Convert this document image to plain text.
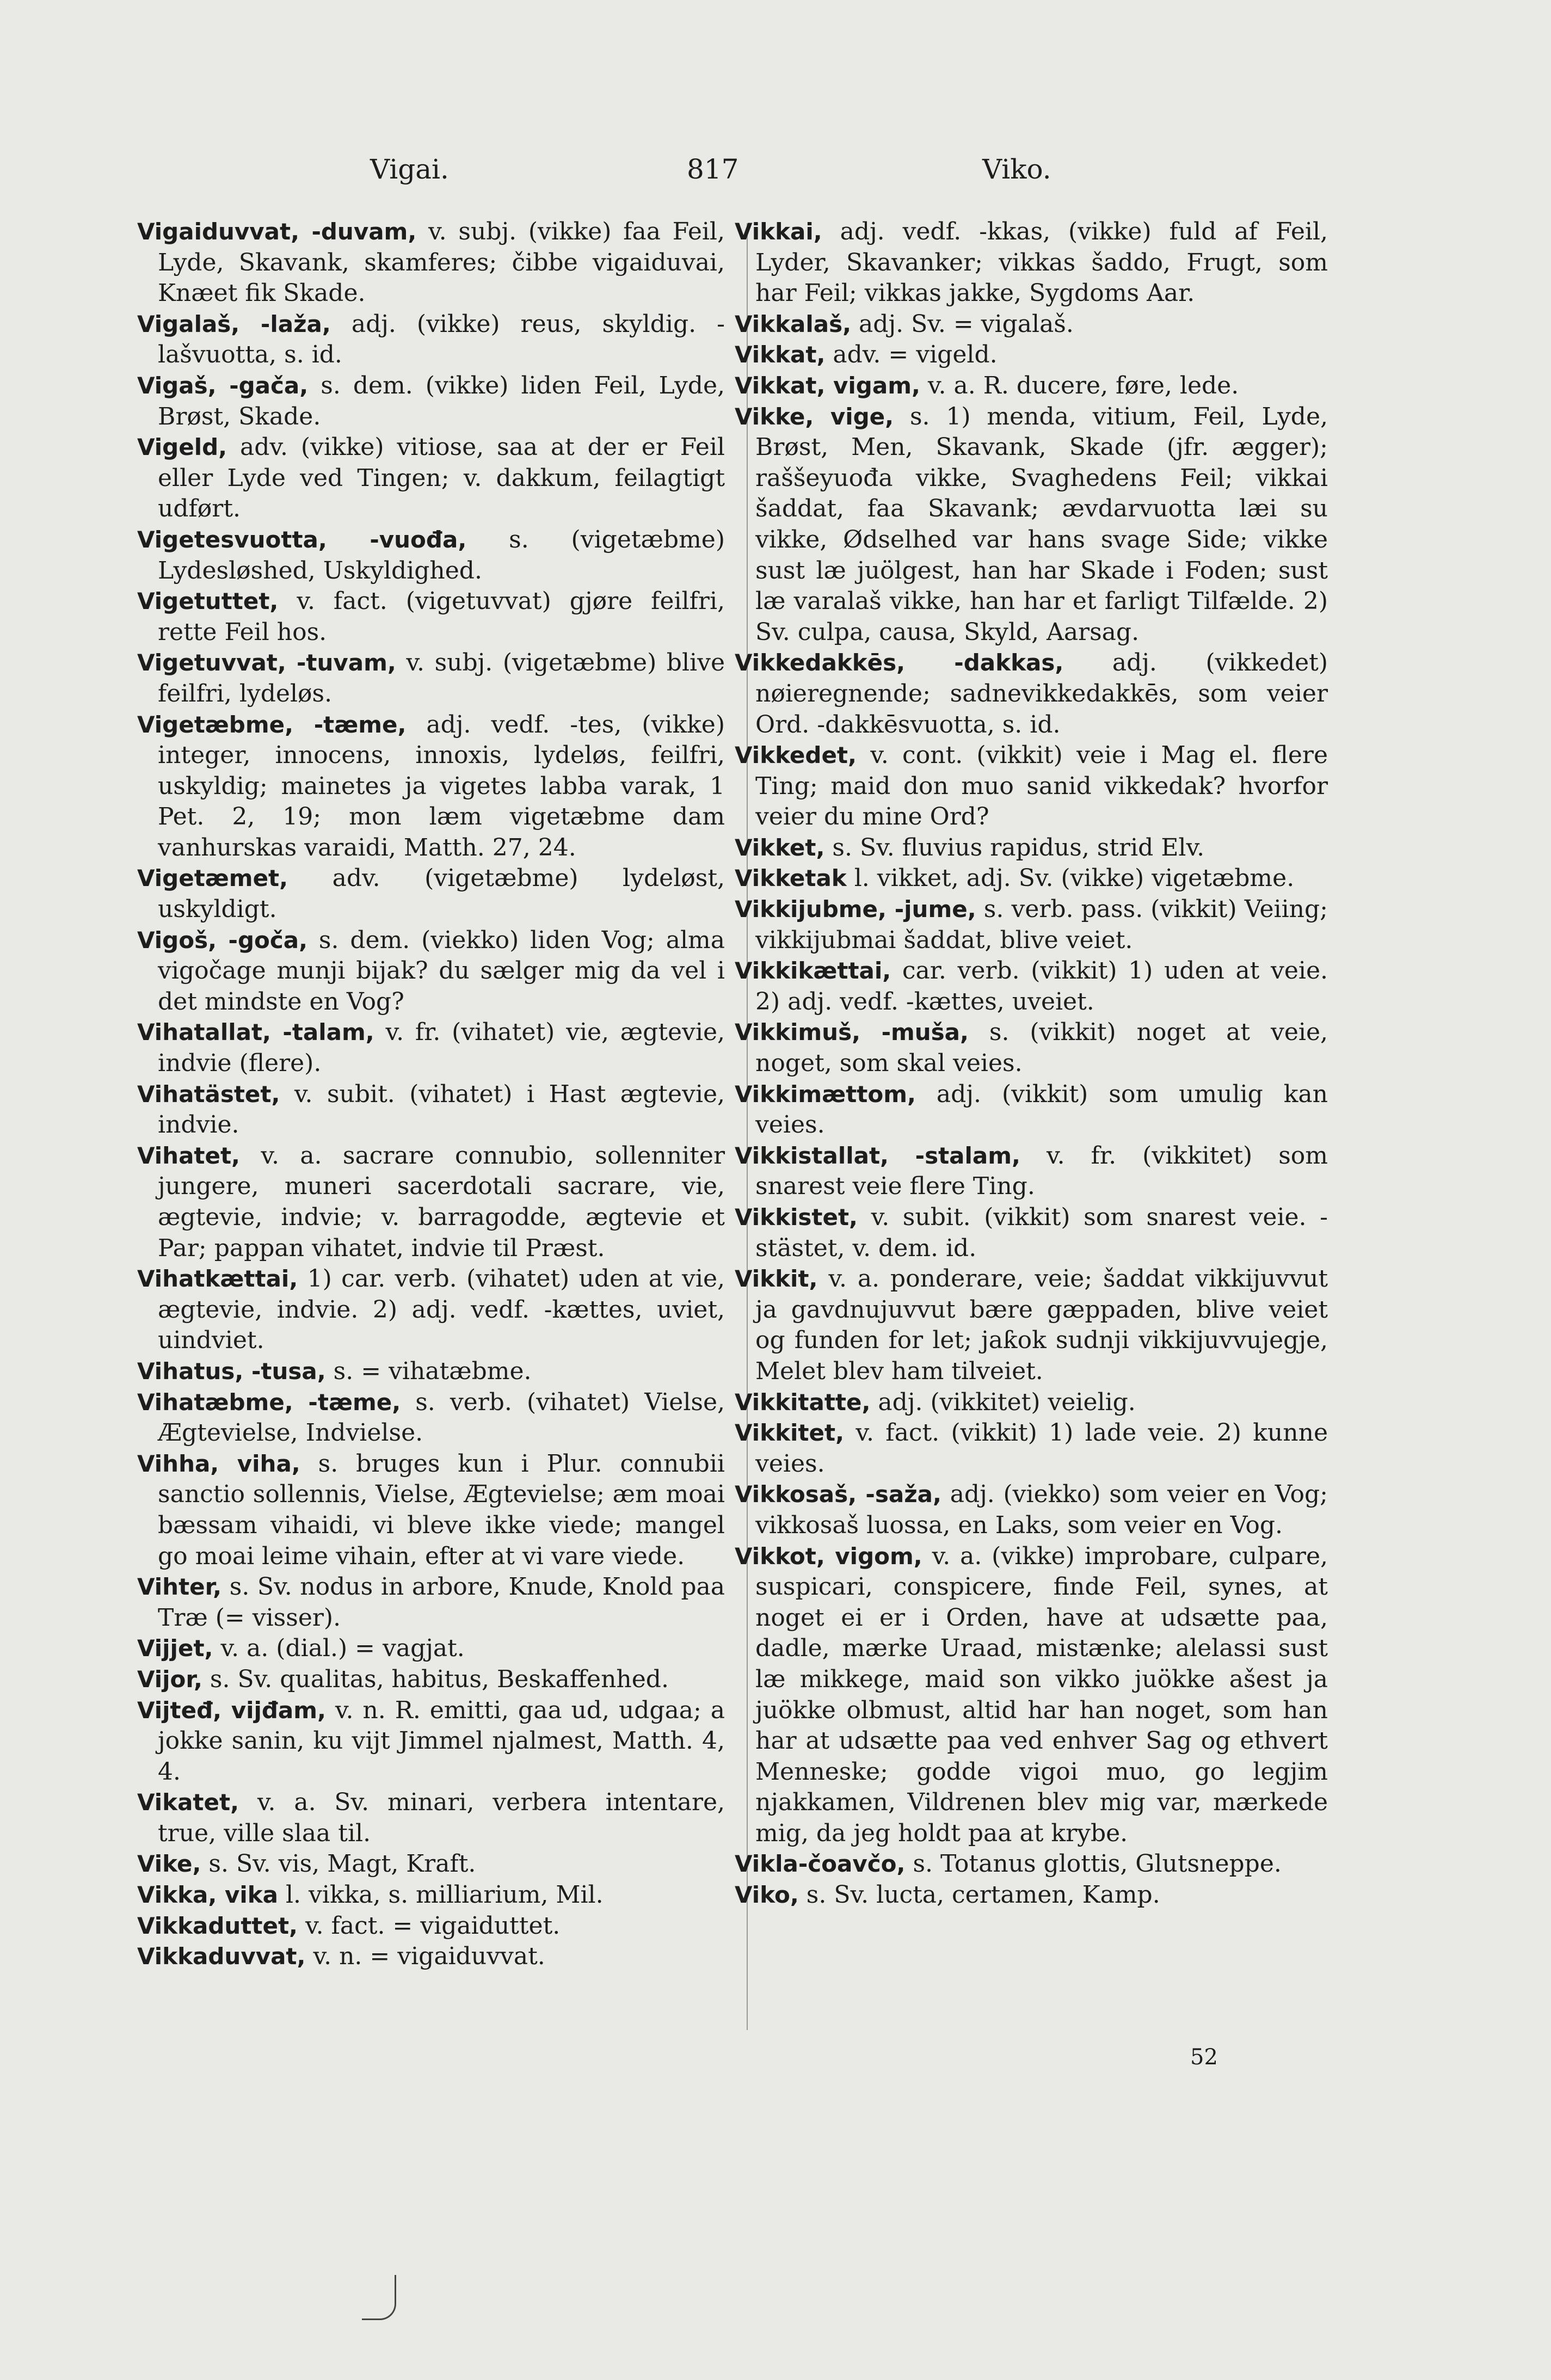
Vigai.	817	Viko.

Vigaiduvvat, -duvam, v. subj. (vikke) faa Feil, Lyde, Skavank, skamferes; čibbe vigaiduvai, Knæet fik Skade.

Vigalaš, -laža, adj. (vikke) reus, skyldig. -lašvuotta, s. id.

Vigaš, -gača, s. dem. (vikke) liden Feil, Lyde, Brøst, Skade.

Vigeld, adv. (vikke) vitiose, saa at der er Feil eller Lyde ved Tingen; v. dakkum, feilagtigt udført.

Vigetesvuotta, -vuođa, s. (vigetæbme) Lydesløshed, Uskyldighed.

Vigetuttet, v. fact. (vigetuvvat) gjøre feilfri, rette Feil hos.

Vigetuvvat, -tuvam, v. subj. (vigetæbme) blive feilfri, lydeløs.

Vigetæbme, -tæme, adj. vedf. -tes, (vikke) integer, innocens, innoxis, lydeløs, feilfri, uskyldig; mainetes ja vigetes labba varak, 1 Pet. 2, 19; mon læm vigetæbme dam vanhurskas varaidi, Matth. 27, 24.

Vigetæmet, adv. (vigetæbme) lydeløst, uskyldigt.

Vigoš, -goča, s. dem. (viekko) liden Vog; alma vigočage munji bijak? du sælger mig da vel i det mindste en Vog?

Vihatallat, -talam, v. fr. (vihatet) vie, ægtevie, indvie (flere).

Vihatästet, v. subit. (vihatet) i Hast ægtevie, indvie.

Vihatet, v. a. sacrare connubio, sollenniter jungere, muneri sacerdotali sacrare, vie, ægtevie, indvie; v. barragodde, ægtevie et Par; pappan vihatet, indvie til Præst.

Vihatkættai, 1) car. verb. (vihatet) uden at vie, ægtevie, indvie. 2) adj. vedf. -kættes, uviet, uindviet.

Vihatus, -tusa, s. = vihatæbme.

Vihatæbme, -tæme, s. verb. (vihatet) Vielse, Ægtevielse, Indvielse.

Vihha, viha, s. bruges kun i Plur. connubii sanctio sollennis, Vielse, Ægtevielse; æm moai bæssam vihaidi, vi bleve ikke viede; mangel go moai leime vihain, efter at vi vare viede.

Vihter, s. Sv. nodus in arbore, Knude, Knold paa Træ (= visser).

Vijjet, v. a. (dial.) = vagjat.

Vijor, s. Sv. qualitas, habitus, Beskaffenhed.

Vijteđ, vijđam, v. n. R. emitti, gaa ud, udgaa; a jokke sanin, ku vijt Jimmel njalmest, Matth. 4, 4.

Vikatet, v. a. Sv. minari, verbera intentare, true, ville slaa til.

Vike, s. Sv. vis, Magt, Kraft.

Vikka, vika l. vikka, s. milliarium, Mil.

Vikkaduttet, v. fact. = vigaiduttet.

Vikkaduvvat, v. n. = vigaiduvvat.

Vikkai, adj. vedf. -kkas, (vikke) fuld af Feil, Lyder, Skavanker; vikkas šaddo, Frugt, som har Feil; vikkas jakke, Sygdoms Aar.

Vikkalaš, adj. Sv. = vigalaš.

Vikkat, adv. = vigeld.

Vikkat, vigam, v. a. R. ducere, føre, lede.

Vikke, vige, s. 1) menda, vitium, Feil, Lyde, Brøst, Men, Skavank, Skade (jfr. ægger); raššeyuođa vikke, Svaghedens Feil; vikkai šaddat, faa Skavank; ævdarvuotta læi su vikke, Ødselhed var hans svage Side; vikke sust læ juölgest, han har Skade i Foden; sust læ varalaš vikke, han har et farligt Tilfælde. 2) Sv. culpa, causa, Skyld, Aarsag.

Vikkedakkēs, -dakkas, adj. (vikkedet) nøieregnende; sadnevikkedakkēs, som veier Ord. -dakkēsvuotta, s. id.

Vikkedet, v. cont. (vikkit) veie i Mag el. flere Ting; maid don muo sanid vikkedak? hvorfor veier du mine Ord?

Vikket, s. Sv. fluvius rapidus, strid Elv.

Vikketak l. vikket, adj. Sv. (vikke) vigetæbme.

Vikkijubme, -jume, s. verb. pass. (vikkit) Veiing; vikkijubmai šaddat, blive veiet.

Vikkikættai, car. verb. (vikkit) 1) uden at veie. 2) adj. vedf. -kættes, uveiet.

Vikkimuš, -muša, s. (vikkit) noget at veie, noget, som skal veies.

Vikkimættom, adj. (vikkit) som umulig kan veies.

Vikkistallat, -stalam, v. fr. (vikkitet) som snarest veie flere Ting.

Vikkistet, v. subit. (vikkit) som snarest veie. -stästet, v. dem. id.

Vikkit, v. a. ponderare, veie; šaddat vikkijuvvut ja gavdnujuvvut bære gæppaden, blive veiet og funden for let; jaƙok sudnji vikkijuvvujegje, Melet blev ham tilveiet.

Vikkitatte, adj. (vikkitet) veielig.

Vikkitet, v. fact. (vikkit) 1) lade veie. 2) kunne veies.

Vikkosaš, -saža, adj. (viekko) som veier en Vog; vikkosaš luossa, en Laks, som veier en Vog.

Vikkot, vigom, v. a. (vikke) improbare, culpare, suspicari, conspicere, finde Feil, synes, at noget ei er i Orden, have at udsætte paa, dadle, mærke Uraad, mistænke; alelassi sust læ mikkege, maid son vikko juökke ašest ja juökke olbmust, altid har han noget, som han har at udsætte paa ved enhver Sag og ethvert Menneske; godde vigoi muo, go legjim njakkamen, Vildrenen blev mig var, mærkede mig, da jeg holdt paa at krybe.

Vikla-čoavčo, s. Totanus glottis, Glutsneppe.

Viko, s. Sv. lucta, certamen, Kamp.

52
